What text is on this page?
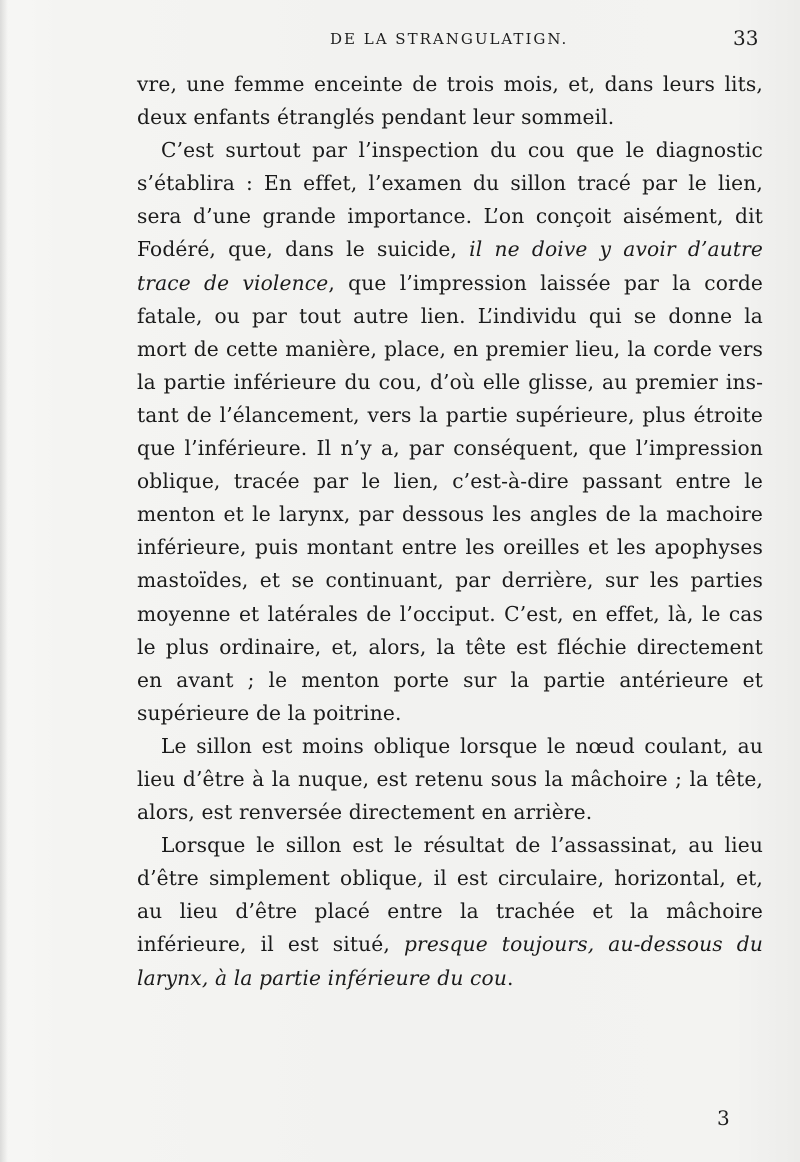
DE LA STRANGULATIGN.	33

vre, une femme enceinte de trois mois, et, dans leurs lits, deux enfants étranglés pendant leur sommeil.

C’est surtout par l’inspection du cou que le diagnostic s’établira : En effet, l’examen du sillon tracé par le lien, sera d’une grande importance. L’on conçoit aisément, dit Fodéré, que, dans le suicide, il ne doive y avoir d’autre trace de violence, que l’impression laissée par la corde fatale, ou par tout autre lien. L’individu qui se donne la mort de cette manière, place, en premier lieu, la corde vers la partie inférieure du cou, d’où elle glisse, au premier instant de l’élancement, vers la partie supérieure, plus étroite que l’inférieure. Il n’y a, par conséquent, que l’impression oblique, tracée par le lien, c’est-à-dire passant entre le menton et le larynx, par dessous les angles de la machoire inférieure, puis montant entre les oreilles et les apophyses mastoïdes, et se continuant, par derrière, sur les parties moyenne et latérales de l’occiput. C’est, en effet, là, le cas le plus ordinaire, et, alors, la tête est fléchie directement en avant ; le menton porte sur la partie antérieure et supérieure de la poitrine.

Le sillon est moins oblique lorsque le nœud coulant, au lieu d’être à la nuque, est retenu sous la mâchoire ; la tête, alors, est renversée directement en arrière.

Lorsque le sillon est le résultat de l’assassinat, au lieu d’être simplement oblique, il est circulaire, horizontal, et, au lieu d’être placé entre la trachée et la mâchoire inférieure, il est situé, presque toujours, au-dessous du larynx, à la partie inférieure du cou.

3
